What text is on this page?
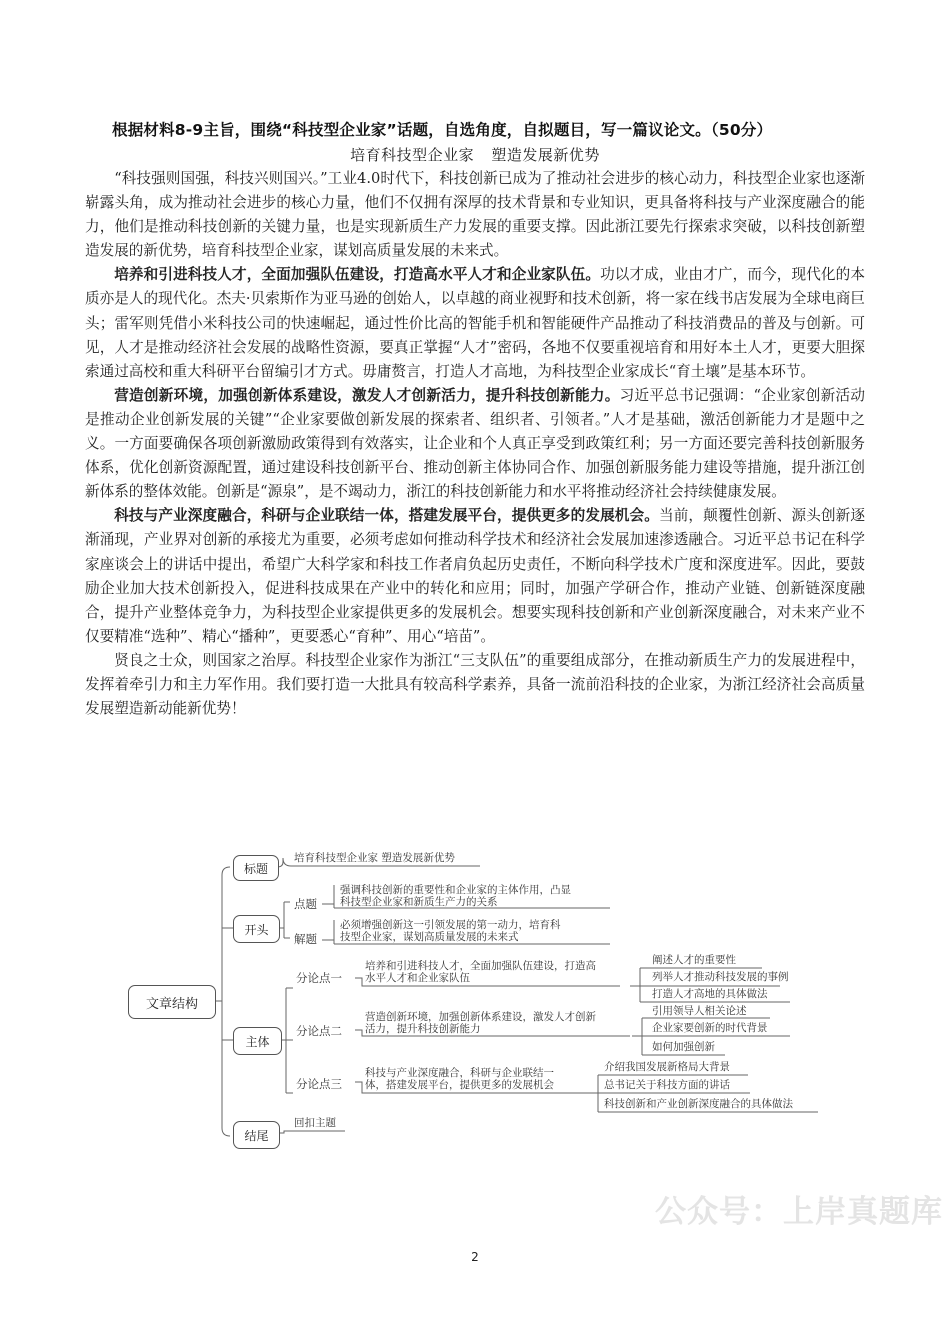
根据材料8-9主旨，围绕“科技型企业家”话题，自选角度，自拟题目，写一篇议论文。（50分）
培育科技型企业家 塑造发展新优势

“科技强则国强，科技兴则国兴。”工业4.0时代下，科技创新已成为了推动社会进步的核心动力，科技型企业家也逐渐崭露头角，成为推动社会进步的核心力量，他们不仅拥有深厚的技术背景和专业知识，更具备将科技与产业深度融合的能力，他们是推动科技创新的关键力量，也是实现新质生产力发展的重要支撑。因此浙江要先行探索求突破，以科技创新塑造发展的新优势，培育科技型企业家，谋划高质量发展的未来式。

培养和引进科技人才，全面加强队伍建设，打造高水平人才和企业家队伍。功以才成，业由才广，而今，现代化的本质亦是人的现代化。杰夫·贝索斯作为亚马逊的创始人，以卓越的商业视野和技术创新，将一家在线书店发展为全球电商巨头；雷军则凭借小米科技公司的快速崛起，通过性价比高的智能手机和智能硬件产品推动了科技消费品的普及与创新。可见，人才是推动经济社会发展的战略性资源，要真正掌握“人才”密码，各地不仅要重视培育和用好本土人才，更要大胆探索通过高校和重大科研平台留编引才方式。毋庸赘言，打造人才高地，为科技型企业家成长“育土壤”是基本环节。

营造创新环境，加强创新体系建设，激发人才创新活力，提升科技创新能力。习近平总书记强调：“企业家创新活动是推动企业创新发展的关键”“企业家要做创新发展的探索者、组织者、引领者。”人才是基础，激活创新能力才是题中之义。一方面要确保各项创新激励政策得到有效落实，让企业和个人真正享受到政策红利；另一方面还要完善科技创新服务体系，优化创新资源配置，通过建设科技创新平台、推动创新主体协同合作、加强创新服务能力建设等措施，提升浙江创新体系的整体效能。创新是“源泉”，是不竭动力，浙江的科技创新能力和水平将推动经济社会持续健康发展。

科技与产业深度融合，科研与企业联结一体，搭建发展平台，提供更多的发展机会。当前，颠覆性创新、源头创新逐渐涌现，产业界对创新的承接尤为重要，必须考虑如何推动科学技术和经济社会发展加速渗透融合。习近平总书记在科学家座谈会上的讲话中提出，希望广大科学家和科技工作者肩负起历史责任，不断向科学技术广度和深度进军。因此，要鼓励企业加大技术创新投入，促进科技成果在产业中的转化和应用；同时，加强产学研合作，推动产业链、创新链深度融合，提升产业整体竞争力，为科技型企业家提供更多的发展机会。想要实现科技创新和产业创新深度融合，对未来产业不仅要精准“选种”、精心“播种”，更要悉心“育种”、用心“培苗”。

贤良之士众，则国家之治厚。科技型企业家作为浙江“三支队伍”的重要组成部分，在推动新质生产力的发展进程中，发挥着牵引力和主力军作用。我们要打造一大批具有较高科学素养，具备一流前沿科技的企业家，为浙江经济社会高质量发展塑造新动能新优势！

文章结构
标题
培育科技型企业家 塑造发展新优势
开头
点题
强调科技创新的重要性和企业家的主体作用，凸显
科技型企业家和新质生产力的关系
解题
必须增强创新这一引领发展的第一动力，培育科
技型企业家，谋划高质量发展的未来式
主体
分论点一
培养和引进科技人才，全面加强队伍建设，打造高
水平人才和企业家队伍
阐述人才的重要性
列举人才推动科技发展的事例
打造人才高地的具体做法
分论点二
营造创新环境，加强创新体系建设，激发人才创新
活力，提升科技创新能力
引用领导人相关论述
企业家要创新的时代背景
如何加强创新
分论点三
科技与产业深度融合，科研与企业联结一
体，搭建发展平台，提供更多的发展机会
介绍我国发展新格局大背景
总书记关于科技方面的讲话
科技创新和产业创新深度融合的具体做法
结尾
回扣主题
公众号：上岸真题库
2
